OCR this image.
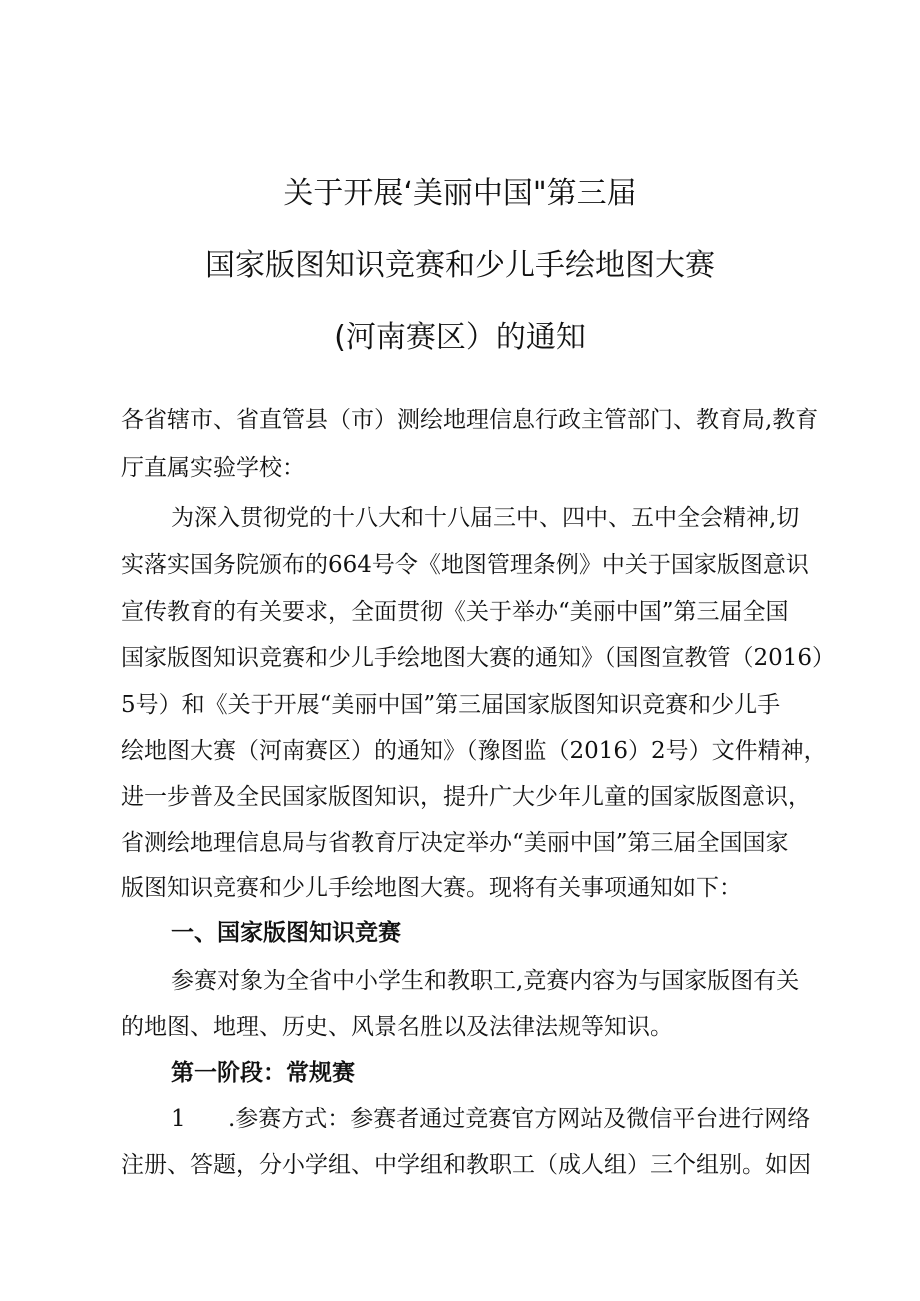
关于开展‘美丽中国"第三届
国家版图知识竞赛和少儿手绘地图大赛
(河南赛区）的通知
各省辖市、省直管县（市）测绘地理信息行政主管部门、教育局,教育
厅直属实验学校：
为深入贯彻党的十八大和十八届三中、四中、五中全会精神,切
实落实国务院颁布的664号令《地图管理条例》中关于国家版图意识
宣传教育的有关要求，全面贯彻《关于举办“美丽中国”第三届全国
国家版图知识竞赛和少儿手绘地图大赛的通知》（国图宣教管（2016）
5号）和《关于开展“美丽中国”第三届国家版图知识竞赛和少儿手
绘地图大赛（河南赛区）的通知》（豫图监（2016）2号）文件精神，
进一步普及全民国家版图知识，提升广大少年儿童的国家版图意识，
省测绘地理信息局与省教育厅决定举办“美丽中国”第三届全国国家
版图知识竞赛和少儿手绘地图大赛。现将有关事项通知如下：
一、国家版图知识竞赛
参赛对象为全省中小学生和教职工,竞赛内容为与国家版图有关
的地图、地理、历史、风景名胜以及法律法规等知识。
第一阶段：常规赛
1 .参赛方式：参赛者通过竞赛官方网站及微信平台进行网络
注册、答题，分小学组、中学组和教职工（成人组）三个组别。如因
